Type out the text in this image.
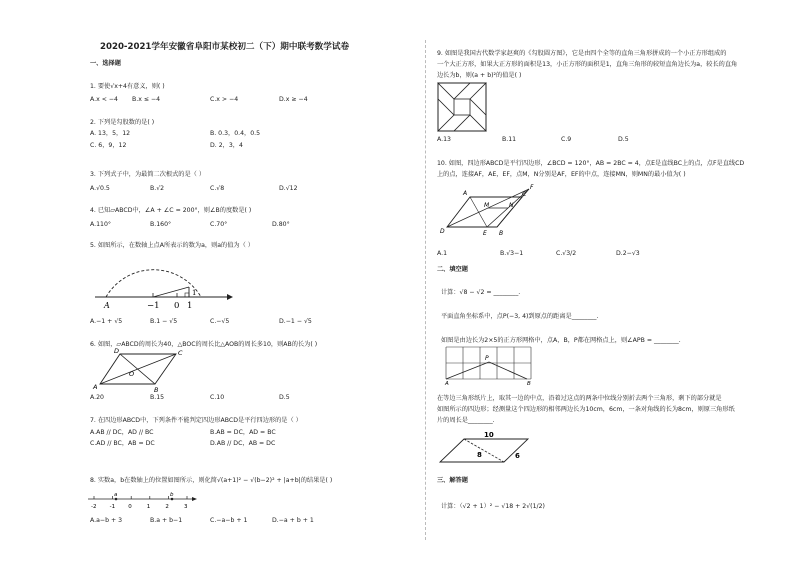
2020-2021学年安徽省阜阳市某校初二（下）期中联考数学试卷
一、选择题
1. 要使√x+4有意义，则( )
A.x < −4 B.x ≤ −4	C.x > −4	D.x ≥ −4
2. 下列是勾股数的是( )
A. 13，5，12	B. 0.3，0.4，0.5
C. 6，9，12	D. 2，3，4
3. 下列式子中，为最简二次根式的是（ ）
A.√0.5	B.√2	C.√8	D.√12
4. 已知▱ABCD中，∠A + ∠C = 200°，则∠B的度数是( )
A.110°	B.160°	C.70°	D.80°
5. 如图所示，在数轴上点A所表示的数为a，则a的值为（ ）
A	−1 0 1
1
A.−1 + √5	B.1 − √5	C.−√5	D.−1 − √5
6. 如图，▱ABCD的周长为40，△BOC的周长比△AOB的周长多10，则AB的长为( )
D	C
A	B
O
A.20	B.15	C.10	D.5
7. 在四边形ABCD中，下列条件不能判定四边形ABCD是平行四边形的是（ ）
A.AB // DC，AD // BC	B.AB = DC，AD = BC
C.AD // BC，AB = DC	D.AB // DC，AB = DC
8. 实数a，b在数轴上的位置如图所示，则化简√(a+1)² − √(b−2)² + |a+b|的结果是( )
-2 -1 0	1	2	3
a	b
A.a−b + 3	B.a + b−1	C.−a−b + 1	D.−a + b + 1
9. 如图是我国古代数学家赵爽的《勾股圆方图》，它是由四个全等的直角三角形拼成的一个小正方形组成的
一个大正方形，如果大正方形的面积是13，小正方形的面积是1，直角三角形的较短直角边长为a，较长的直角
边长为b，则(a + b)²的值是( )
A.13	B.11	C.9	D.5
10. 如图，四边形ABCD是平行四边形，∠BCD = 120°，AB = 2BC = 4，点E是直线BC上的点，点F是直线CD
上的点，连接AF，AE，EF，点M，N分别是AF，EF的中点，连接MN，则MN的最小值为( )
A
F
C
M	N
D	E B
A.1	B.√3−1	C.√3/2	D.2−√3
二、填空题
计算：√8 − √2 = ________.
平面直角坐标系中，点P(−3, 4)到原点的距离是________.
如图是由边长为2×5的正方形网格中，点A，B，P都在网格点上，则∠APB = ________.
P
A	B
在等边三角形纸片上，取其一边的中点，沿着过这点的两条中位线分别折去两个三角形，剩下的部分就是
如图所示的四边形；经测量这个四边形的相邻两边长为10cm，6cm，一条对角线的长为8cm，则原三角形纸
片的周长是________.
10
8	6
三、解答题
计算：（√2 + 1）² − √18 + 2√(1/2)
